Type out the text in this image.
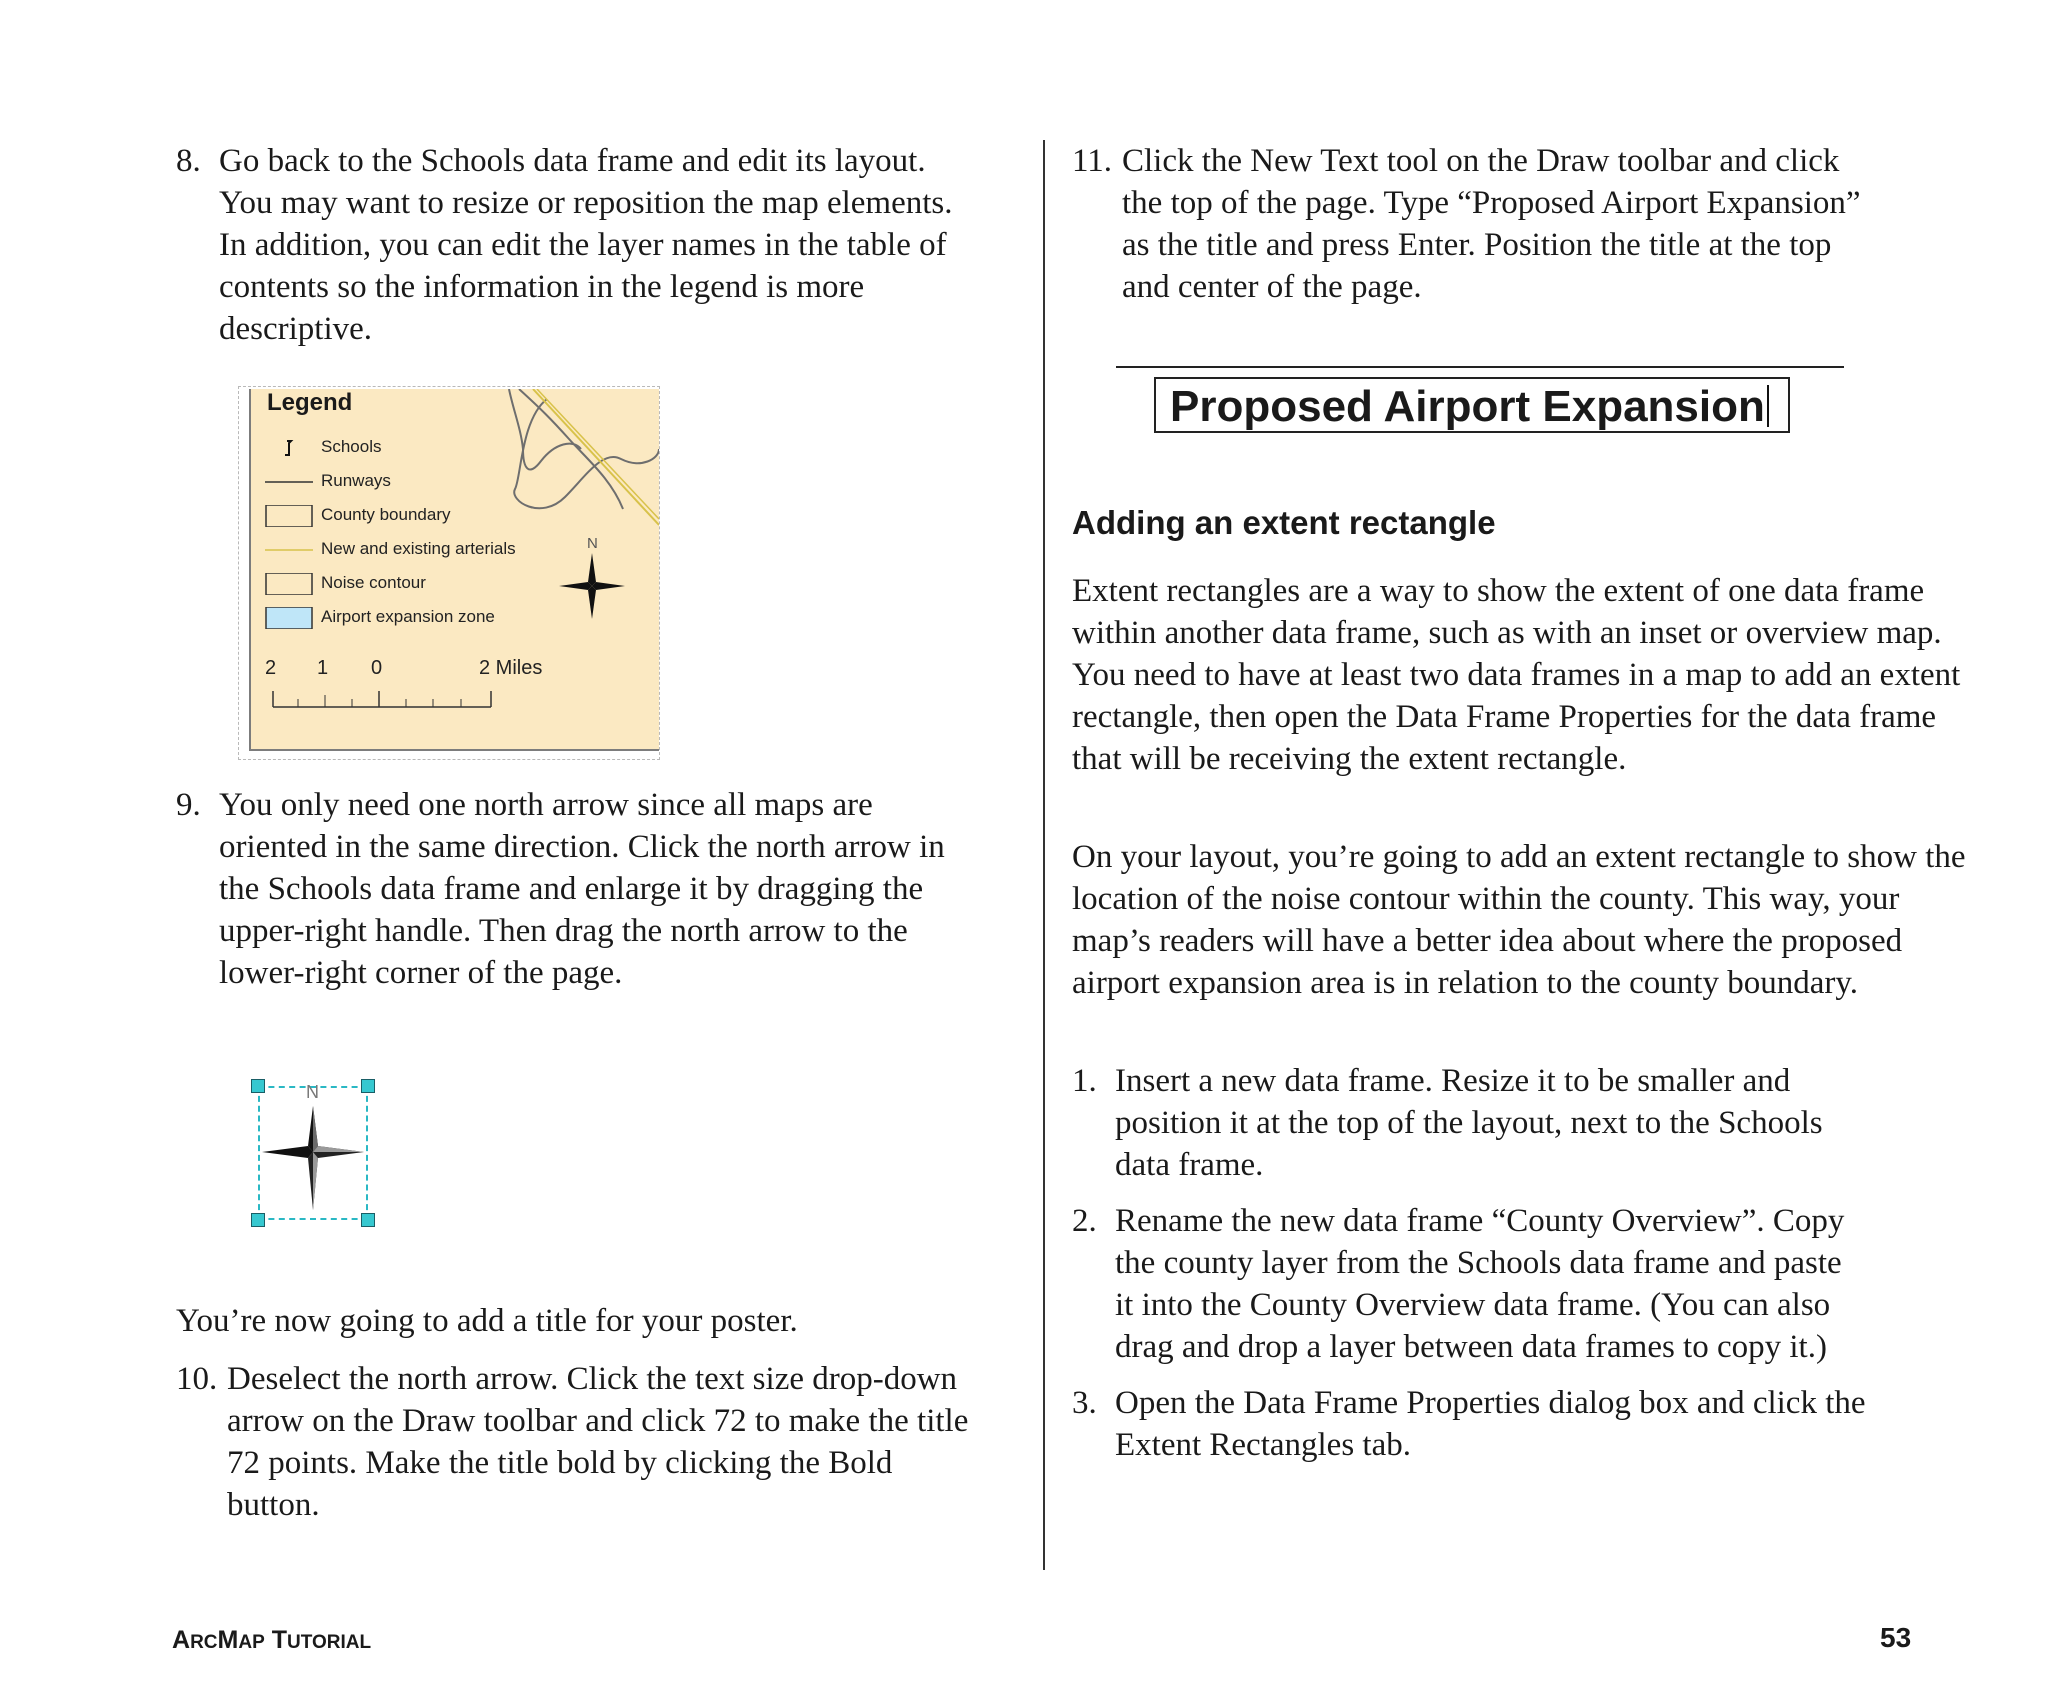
8. Go back to the Schools data frame and edit its layout.
You may want to resize or reposition the map elements.
In addition, you can edit the layer names in the table of
contents so the information in the legend is more
descriptive.
Legend
Schools
Runways
County boundary
New and existing arterials
Noise contour
Airport expansion zone
N
2 1 0	2 Miles
9. You only need one north arrow since all maps are
oriented in the same direction. Click the north arrow in
the Schools data frame and enlarge it by dragging the
upper-right handle. Then drag the north arrow to the
lower-right corner of the page.
N
You’re now going to add a title for your poster.
10. Deselect the north arrow. Click the text size drop-down
arrow on the Draw toolbar and click 72 to make the title
72 points. Make the title bold by clicking the Bold
button.
11. Click the New Text tool on the Draw toolbar and click
the top of the page. Type “Proposed Airport Expansion”
as the title and press Enter. Position the title at the top
and center of the page.
Proposed Airport Expansion
Adding an extent rectangle
Extent rectangles are a way to show the extent of one data frame within another data frame, such as with an inset or overview map. You need to have at least two data frames in a map to add an extent rectangle, then open the Data Frame Properties for the data frame that will be receiving the extent rectangle.
On your layout, you’re going to add an extent rectangle to show the location of the noise contour within the county. This way, your map’s readers will have a better idea about where the proposed airport expansion area is in relation to the county boundary.
1. Insert a new data frame. Resize it to be smaller and
position it at the top of the layout, next to the Schools
data frame.
2. Rename the new data frame “County Overview”. Copy
the county layer from the Schools data frame and paste
it into the County Overview data frame. (You can also
drag and drop a layer between data frames to copy it.)
3. Open the Data Frame Properties dialog box and click the
Extent Rectangles tab.
ARCMAP TUTORIAL	53
